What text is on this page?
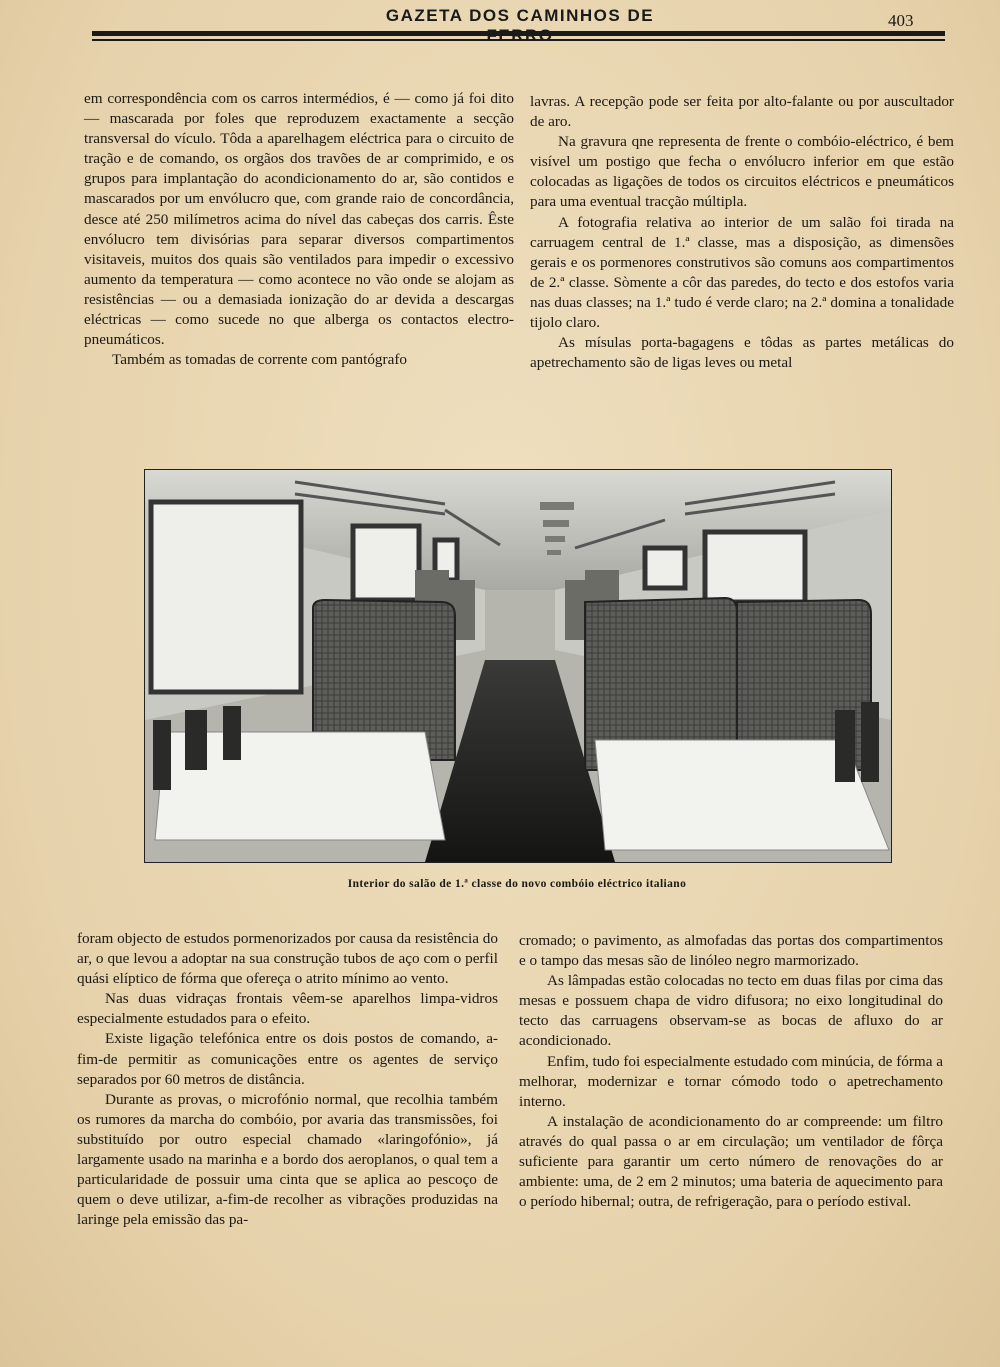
GAZETA DOS CAMINHOS DE	403

em correspondência com os carros intermédios, é — como já foi dito — mascarada por foles que reproduzem exactamente a secção transversal do vículo. Tôda a aparelhagem eléctrica para o circuito de tração e de comando, os orgãos dos travões de ar comprimido, e os grupos para implantação do acondicionamento do ar, são contidos e mascarados por um envólucro que, com grande raio de concordância, desce até 250 milímetros acima do nível das cabeças dos carris. Êste envólucro tem divisórias para separar diversos compartimentos visitaveis, muitos dos quais são ventilados para impedir o excessivo aumento da temperatura — como acontece no vão onde se alojam as resistências — ou a demasiada ionização do ar devida a descargas eléctricas — como sucede no que alberga os contactos electro-pneumáticos.

Também as tomadas de corrente com pantógrafo

lavras. A recepção pode ser feita por alto-falante ou por auscultador de aro.

Na gravura qne representa de frente o combóio-eléctrico, é bem visível um postigo que fecha o envólucro inferior em que estão colocadas as ligações de todos os circuitos eléctricos e pneumáticos para uma eventual tracção múltipla.

A fotografia relativa ao interior de um salão foi tirada na carruagem central de 1.ª classe, mas a disposição, as dimensões gerais e os pormenores construtivos são comuns aos compartimentos de 2.ª classe. Sòmente a côr das paredes, do tecto e dos estofos varia nas duas classes; na 1.ª tudo é verde claro; na 2.ª domina a tonalidade tijolo claro.

As mísulas porta-bagagens e tôdas as partes metálicas do apetrechamento são de ligas leves ou metal

Interior do salão de 1.ª classe do novo combóio eléctrico italiano

foram objecto de estudos pormenorizados por causa da resistência do ar, o que levou a adoptar na sua construção tubos de aço com o perfil quási elíptico de fórma que ofereça o atrito mínimo ao vento.

Nas duas vidraças frontais vêem-se aparelhos limpa-vidros especialmente estudados para o efeito.

Existe ligação telefónica entre os dois postos de comando, a-fim-de permitir as comunicações entre os agentes de serviço separados por 60 metros de distância.

Durante as provas, o microfónio normal, que recolhia também os rumores da marcha do combóio, por avaria das transmissões, foi substituído por outro especial chamado «laringofónio», já largamente usado na marinha e a bordo dos aeroplanos, o qual tem a particularidade de possuir uma cinta que se aplica ao pescoço de quem o deve utilizar, a-fim-de recolher as vibrações produzidas na laringe pela emissão das pa-

cromado; o pavimento, as almofadas das portas dos compartimentos e o tampo das mesas são de linóleo negro marmorizado.

As lâmpadas estão colocadas no tecto em duas filas por cima das mesas e possuem chapa de vidro difusora; no eixo longitudinal do tecto das carruagens observam-se as bocas de afluxo do ar acondicionado.

Enfim, tudo foi especialmente estudado com minúcia, de fórma a melhorar, modernizar e tornar cómodo todo o apetrechamento interno.

A instalação de acondicionamento do ar compreende: um filtro através do qual passa o ar em circulação; um ventilador de fôrça suficiente para garantir um certo número de renovações do ar ambiente: uma, de 2 em 2 minutos; uma bateria de aquecimento para o período hibernal; outra, de refrigeração, para o período estival.
